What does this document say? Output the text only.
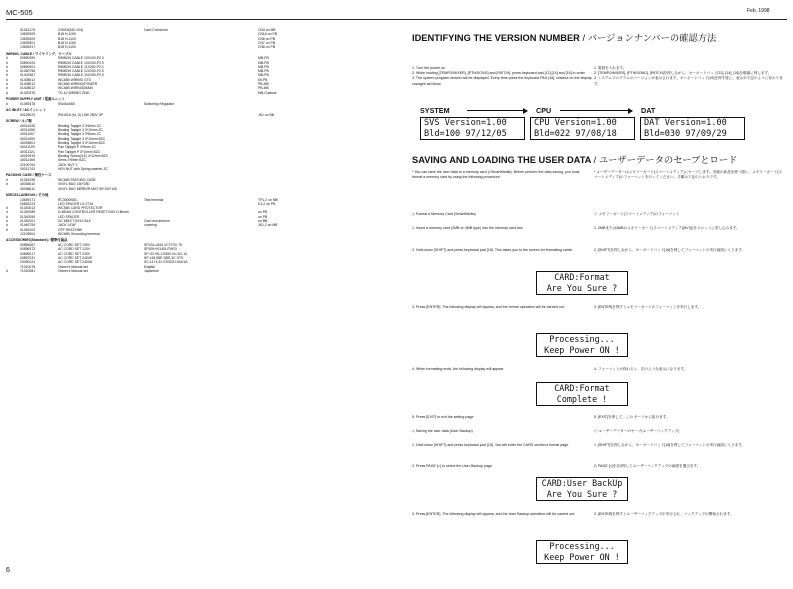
MC-505	Feb. 1998
01341178	CN015(640-104)	Card Connector	CN3 on MB
13639309	B18 H-1000	CN1A on PB
13639300	B18 H-1100	CN6 on PB
13639301	B18 H-1000	CN7 on PB
13639317	B18 H-1100	CN8 on PB
WIRING, CABLE / ワイヤリング、ケーブル
#	00890390	RIBBON CABLE 10X100-P2.0	MB-PB
#	00890423	RIBBON CABLE 10X200-P2.0	MB-PB
#	00890901	RIBBON CABLE 11X200-P2.0	MB-PB
#	01460756	RIBBON CABLE 12X200-P2.0	MB-PB
#	01402367	RIBBON CABLE 10X300-P2.0	MB-PB
#	01408512	WC46B WIRING GT3	MI-PB
#	01408512	WC46B WIRING(POWER	PB-MB
#	01408512	WC46B WIRING(MAIN	PB-MB
#	01329378	TD-10 WIRING GND	MB-Chassis
POWER SUPPLY UNIT / 電源ユニット
#	01459378	KW/AA065	Switching Regulator
AC INLET / ACインレット
00139023	PM1018 (KL-3) 10W 250V 3P	JK1 on BB
SCREW / ネジ類
40011045	Binding Tapight 3 3*8mm ZC
40011056	Binding Tapight 3 3*10mm ZC
40011067	Binding Tapight 3 3*8mm ZC
40011690	Binding Tapight 3 3*10mm BZC
40039801	Binding Tapight 3 4*16mm BZC
40011199	Pan Tapight P 3*8mm ZC
40011321	Pan Tapight P 3*10mm BZC
40010919	Binding Screw(ILE) 4*12mm BZC
40011465	Sems 3*8mm BZC
22100764	JACK NUT 2
40011743	HEX NUT with Spring washer ZC
PACKING CASE / 梱包ケース
#	01345196	WC46B PACKING CASE
#	40036610	VINYL BAG 150*280
40036611	VINYL BAG MIRROR MAT 50*100*140
MISCELLANEOUS / その他
13659171	RC3000BDC	Test terminal	TP1,2 on MB
00892223	LED SPACER LS-0716	D1,2 on PB
#	01340012	WC46B CARD PROTECTOR
#	01340089	D-BEAM CONTROLLER RESET BUX D-Beam	on PB
#	01340090	LED SPACER	on PB
#	01345101	DC 65ECT BX14 BLK	Card escutcheon	on BB
#	01460754	JACK LEAF	covering	JK1,2 on MB
#	01345102	OFF HEATSINK
12109504	WC46B Grounding terminal
ACCESSORIES(Standard) / 標準付属品
00896367	AC CORD SET 100V	SP10A-4814 VCTF2X.75
00896373	AC CORD SET 120V	SP305+IS14SUTHR3
00896017	AC CORD SET 230V	SP-O2+SL1-BS6+VU-3G-10
00897031	AC CORD SET 240VE	KP-418 B5P-3BS-3C HTS
23490124	AC CORD SET 240VA	SC-11+3-3X ES3G3+10A/1A
71010078	Owner's Manual set	English
#	71010081	Owner's Manual set	Japanese
6
IDENTIFYING THE VERSION NUMBER / バージョンナンバーの確認方法
1. Turn the power on.	1. 電源を入れます。
2. While holding [TEMPO/MIXER], [PTN/SONG] and [PATCH], press keyboard pad [12],[14] and [16] in order.	2. [TEMPO/MIXER], [PTN/SONG], [PATCH]を押しながら、キーボードパッド[12], [14], [16]を順番に押します。
3. The system program version will be displayed. Every time press the keyboard PAD [16], readout on the display changes as follow.
3. システムプログラムのバージョンが表示されます。キーボードパッド[16]を押す度に、表示が下記のように変わります。
SYSTEM	CPU	DAT
SVS Version=1.00
Bld=100 97/12/05
CPU Version=1.00
Bld=022 97/08/18
DAT Version=1.00
Bld=030 97/09/29
SAVING AND LOADING THE USER DATA / ユーザーデータのセーブとロード
* You can save the user data to a memory card (=SmartMedia). Before perform the data saving, you must format a memory card by using the following procedure.
* ユーザーデーターはメモリーカード(スマートメディア)にセーブします。市販の新品を使う際に、メモリーカード(スマートメディア)のフォーマットを行ってください。手順は下記のとおりです。
◇ Format a Memory Card (SmartMedia)	◇ メモリーカード(スマートメディア)のフォーマット
1. Insert a memory card (2MB or 4MB type) into the memory card slot.	1. 2MBまたは4MBのメモリーカード(スマートメディア)(5V品)をスロットに差し込みます。
2. Hold down [SHIFT] and press keyboard pad [16]. This takes you to the screen for formatting cards.	2. [SHIFT]を押しながら、キーボードパッド[16]を押してフォーマットの実行画面に入ります。
CARD:Format
Are You Sure ?
3. Press [ENTER]. The following display will appear, and the format operation will be carried out.	3. [ENTER]を押すとメモリーカードのフォーマットを実行します。
Processing...
Keep Power ON !
4. When formatting ends, the following display will appear.	4. フォーマットが終わると、次のような表示になります。
CARD:Format
Complete !
5. Press [EXIT] to exit the setting page.	5. [EXIT]を押して、この モードから抜けます。
◇ Saving the user data (User Backup)	◇ ユーザーデーターのセーブ(ユーザーバックアップ)
1. Hold down [SHIFT] and press keyboard pad [15]. You will enter the CARD section's format page.	1. [SHIFT]を押しながら、キーボードパッド[15]を押してフォーマットの実行画面に入ります。
2. Press PAGE [>] to select the User Backup page.	2. PAGE [>]を1回押してユーザーバックアップの画面を選びます。
CARD:User BackUp
Are You Sure ?
3. Press [ENTER]. The following display will appear, and the User Backup operation will be carried out.	3. [ENTER]を押すとユーザーバックアップが実行され、バックアップが開始されます。
Processing...
Keep Power ON !
